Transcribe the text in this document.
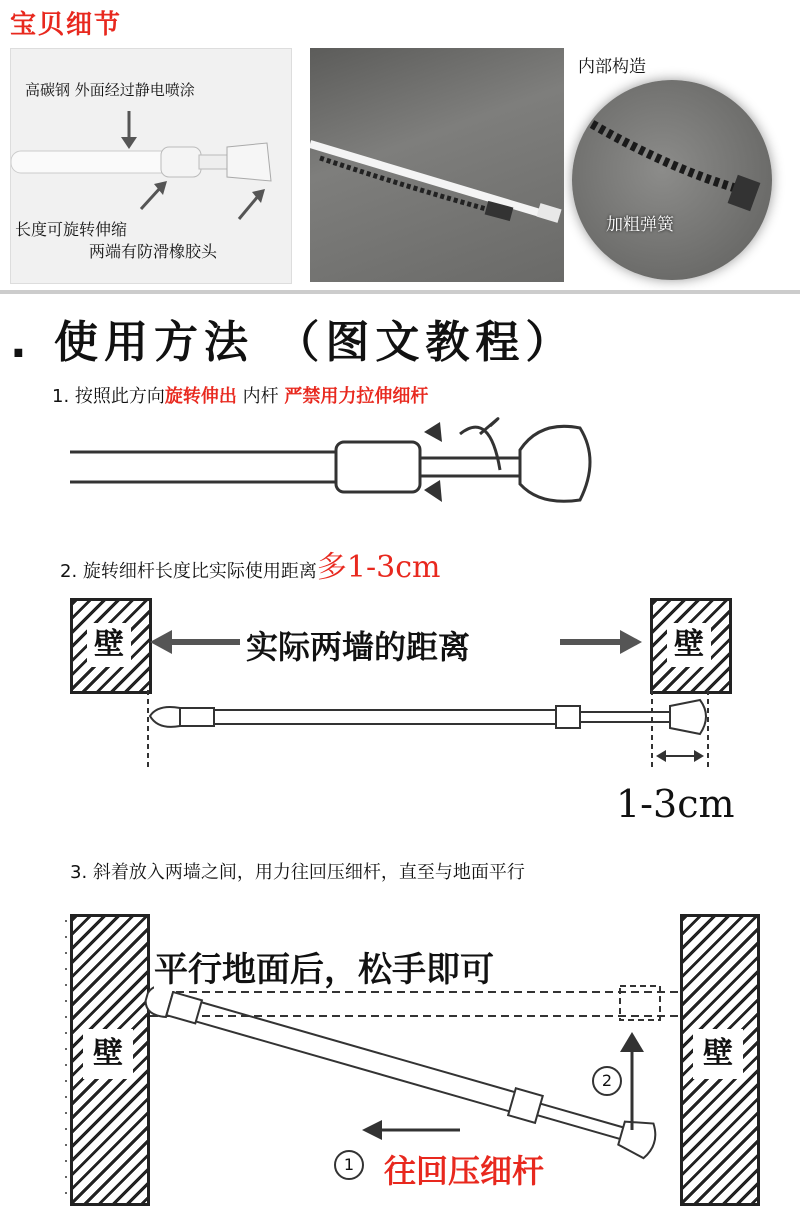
宝贝细节
高碳钢 外面经过静电喷涂
长度可旋转伸缩
两端有防滑橡胶头
内部构造
加粗弹簧
. 使用方法 （图文教程）
1. 按照此方向旋转伸出 内杆 严禁用力拉伸细杆
2. 旋转细杆长度比实际使用距离多1-3cm
壁	壁
实际两墙的距离
1-3cm
3. 斜着放入两墙之间，用力往回压细杆，直至与地面平行
壁	壁
平行地面后，松手即可
2
1 往回压细杆
